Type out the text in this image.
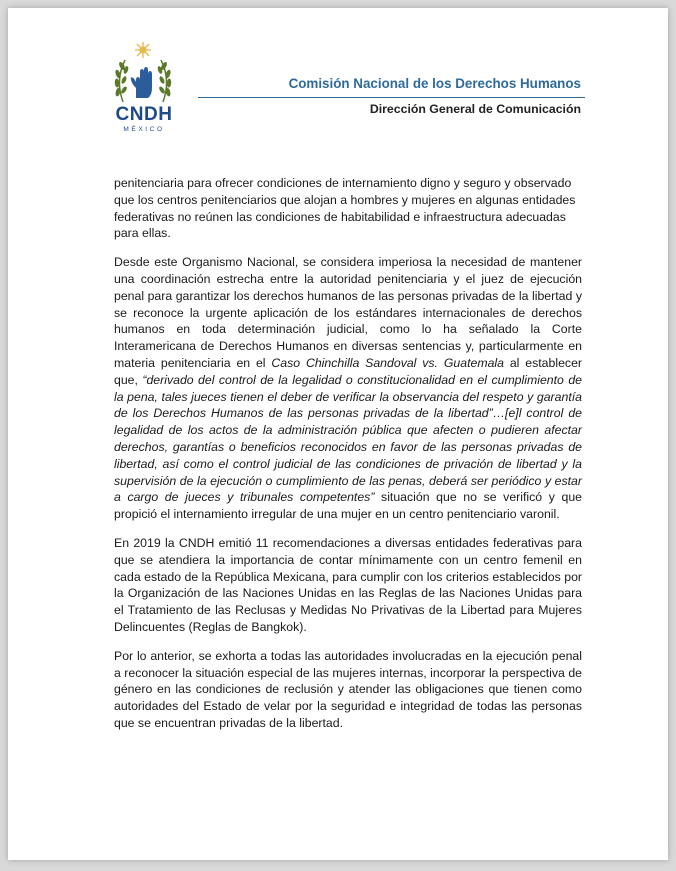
CNDH
MÉXICO
Comisión Nacional de los Derechos Humanos
Dirección General de Comunicación

penitenciaria para ofrecer condiciones de internamiento digno y seguro y observado que los centros penitenciarios que alojan a hombres y mujeres en algunas entidades federativas no reúnen las condiciones de habitabilidad e infraestructura adecuadas para ellas.

Desde este Organismo Nacional, se considera imperiosa la necesidad de mantener una coordinación estrecha entre la autoridad penitenciaria y el juez de ejecución penal para garantizar los derechos humanos de las personas privadas de la libertad y se reconoce la urgente aplicación de los estándares internacionales de derechos humanos en toda determinación judicial, como lo ha señalado la Corte Interamericana de Derechos Humanos en diversas sentencias y, particularmente en materia penitenciaria en el Caso Chinchilla Sandoval vs. Guatemala al establecer que, “derivado del control de la legalidad o constitucionalidad en el cumplimiento de la pena, tales jueces tienen el deber de verificar la observancia del respeto y garantía de los Derechos Humanos de las personas privadas de la libertad”…[e]l control de legalidad de los actos de la administración pública que afecten o pudieren afectar derechos, garantías o beneficios reconocidos en favor de las personas privadas de libertad, así como el control judicial de las condiciones de privación de libertad y la supervisión de la ejecución o cumplimiento de las penas, deberá ser periódico y estar a cargo de jueces y tribunales competentes” situación que no se verificó y que propició el internamiento irregular de una mujer en un centro penitenciario varonil.

En 2019 la CNDH emitió 11 recomendaciones a diversas entidades federativas para que se atendiera la importancia de contar mínimamente con un centro femenil en cada estado de la República Mexicana, para cumplir con los criterios establecidos por la Organización de las Naciones Unidas en las Reglas de las Naciones Unidas para el Tratamiento de las Reclusas y Medidas No Privativas de la Libertad para Mujeres Delincuentes (Reglas de Bangkok).

Por lo anterior, se exhorta a todas las autoridades involucradas en la ejecución penal a reconocer la situación especial de las mujeres internas, incorporar la perspectiva de género en las condiciones de reclusión y atender las obligaciones que tienen como autoridades del Estado de velar por la seguridad e integridad de todas las personas que se encuentran privadas de la libertad.
